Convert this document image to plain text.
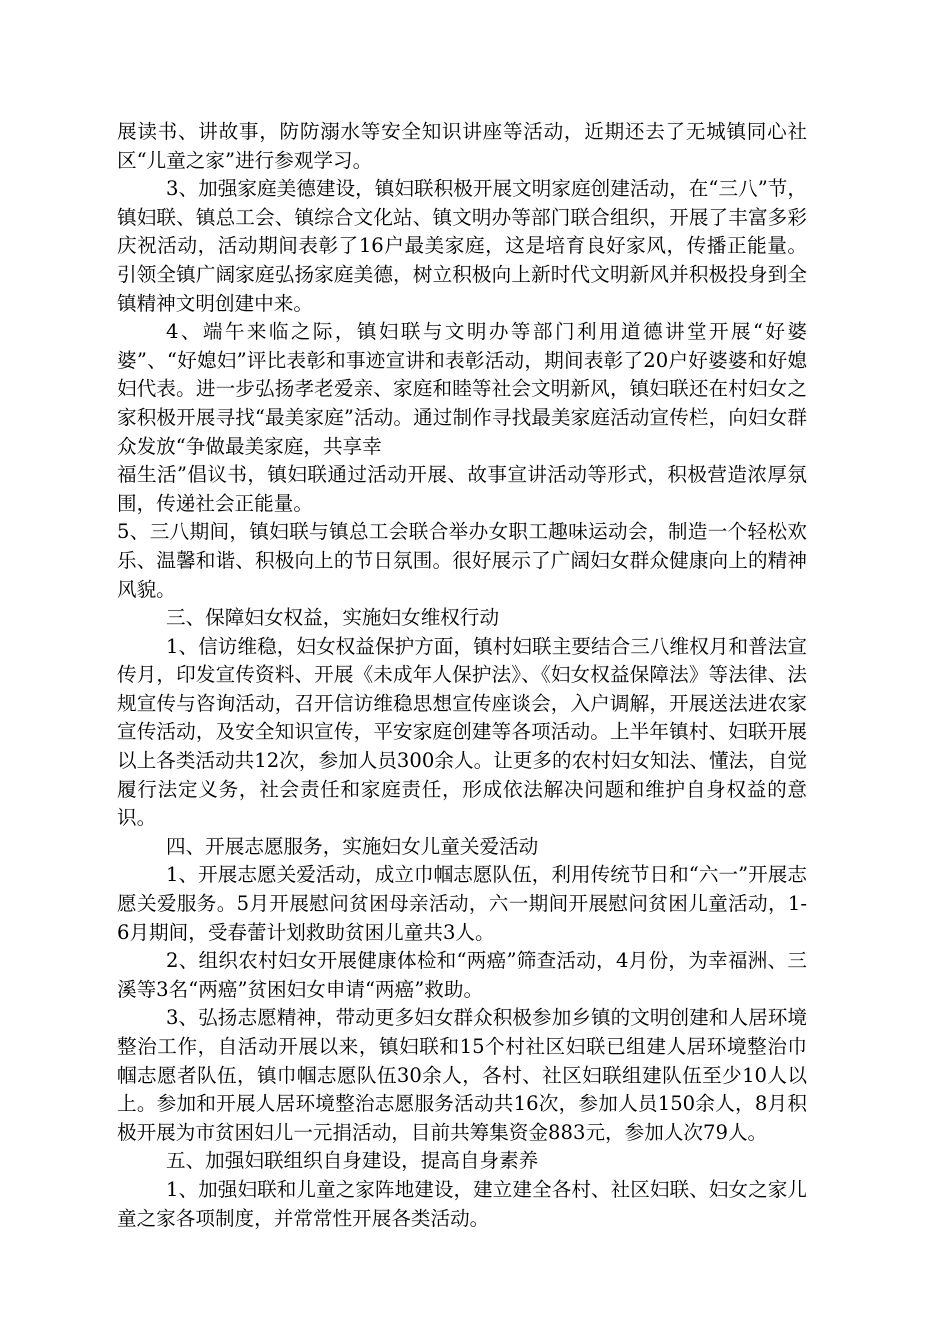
展读书、讲故事，防防溺水等安全知识讲座等活动，近期还去了无城镇同心社区“儿童之家”进行参观学习。

3、加强家庭美德建设，镇妇联积极开展文明家庭创建活动，在“三八”节，镇妇联、镇总工会、镇综合文化站、镇文明办等部门联合组织，开展了丰富多彩庆祝活动，活动期间表彰了16户最美家庭，这是培育良好家风，传播正能量。引领全镇广阔家庭弘扬家庭美德，树立积极向上新时代文明新风并积极投身到全镇精神文明创建中来。

4、端午来临之际，镇妇联与文明办等部门利用道德讲堂开展“好婆婆”、“好媳妇”评比表彰和事迹宣讲和表彰活动，期间表彰了20户好婆婆和好媳妇代表。进一步弘扬孝老爱亲、家庭和睦等社会文明新风，镇妇联还在村妇女之家积极开展寻找“最美家庭”活动。通过制作寻找最美家庭活动宣传栏，向妇女群众发放“争做最美家庭，共享幸

福生活”倡议书，镇妇联通过活动开展、故事宣讲活动等形式，积极营造浓厚氛围，传递社会正能量。

5、三八期间，镇妇联与镇总工会联合举办女职工趣味运动会，制造一个轻松欢乐、温馨和谐、积极向上的节日氛围。很好展示了广阔妇女群众健康向上的精神风貌。

三、保障妇女权益，实施妇女维权行动

1、信访维稳，妇女权益保护方面，镇村妇联主要结合三八维权月和普法宣传月，印发宣传资料、开展《未成年人保护法》、《妇女权益保障法》等法律、法规宣传与咨询活动，召开信访维稳思想宣传座谈会，入户调解，开展送法进农家宣传活动，及安全知识宣传，平安家庭创建等各项活动。上半年镇村、妇联开展以上各类活动共12次，参加人员300余人。让更多的农村妇女知法、懂法，自觉履行法定义务，社会责任和家庭责任，形成依法解决问题和维护自身权益的意识。

四、开展志愿服务，实施妇女儿童关爱活动

1、开展志愿关爱活动，成立巾帼志愿队伍，利用传统节日和“六一”开展志愿关爱服务。5月开展慰问贫困母亲活动，六一期间开展慰问贫困儿童活动，1-6月期间，受春蕾计划救助贫困儿童共3人。

2、组织农村妇女开展健康体检和“两癌”筛查活动，4月份，为幸福洲、三溪等3名“两癌”贫困妇女申请“两癌”救助。

3、弘扬志愿精神，带动更多妇女群众积极参加乡镇的文明创建和人居环境整治工作，自活动开展以来，镇妇联和15个村社区妇联已组建人居环境整治巾帼志愿者队伍，镇巾帼志愿队伍30余人，各村、社区妇联组建队伍至少10人以上。参加和开展人居环境整治志愿服务活动共16次，参加人员150余人，8月积极开展为市贫困妇儿一元捐活动，目前共筹集资金883元，参加人次79人。

五、加强妇联组织自身建设，提高自身素养

1、加强妇联和儿童之家阵地建设，建立建全各村、社区妇联、妇女之家儿童之家各项制度，并常常性开展各类活动。
